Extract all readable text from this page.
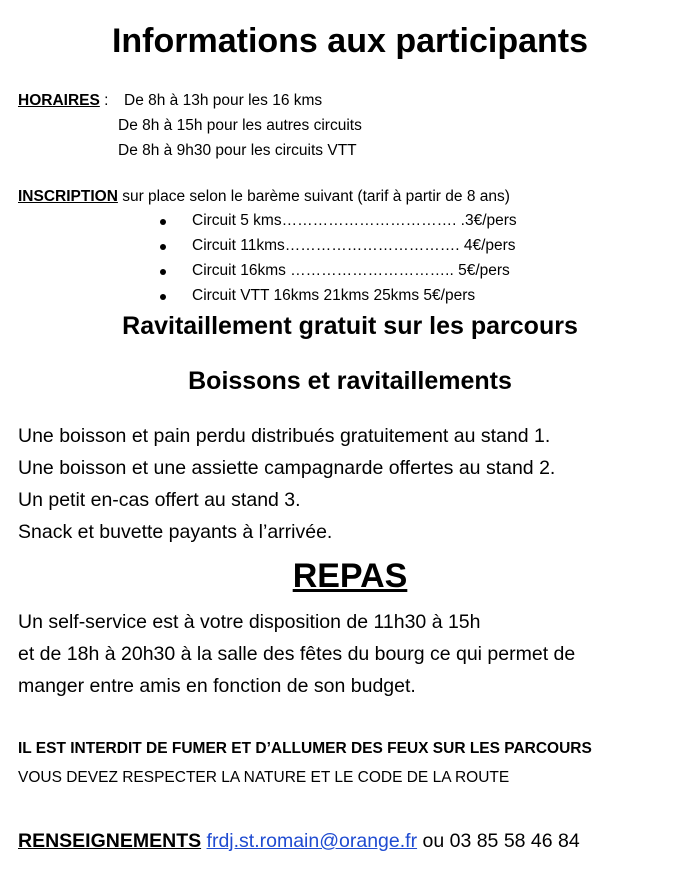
Informations aux participants
HORAIRES : De 8h à 13h pour les 16 kms
De 8h à 15h pour les autres circuits
De 8h à 9h30 pour les circuits VTT
INSCRIPTION sur place selon le barème suivant (tarif à partir de 8 ans)
Circuit 5 kms……………………………. .3€/pers
Circuit 11kms……………………………. 4€/pers
Circuit 16kms ………………………….. 5€/pers
Circuit VTT 16kms 21kms 25kms 5€/pers
Ravitaillement gratuit sur les parcours
Boissons et ravitaillements
Une boisson et pain perdu distribués gratuitement au stand 1.
Une boisson et une assiette campagnarde offertes au stand 2.
Un petit en-cas offert au stand 3.
Snack et buvette payants à l’arrivée.
REPAS
Un self-service est à votre disposition de 11h30 à 15h
et de 18h à 20h30 à la salle des fêtes du bourg ce qui permet de
manger entre amis en fonction de son budget.
IL EST INTERDIT DE FUMER ET D’ALLUMER DES FEUX SUR LES PARCOURS
VOUS DEVEZ RESPECTER LA NATURE ET LE CODE DE LA ROUTE
RENSEIGNEMENTS frdj.st.romain@orange.fr ou 03 85 58 46 84
